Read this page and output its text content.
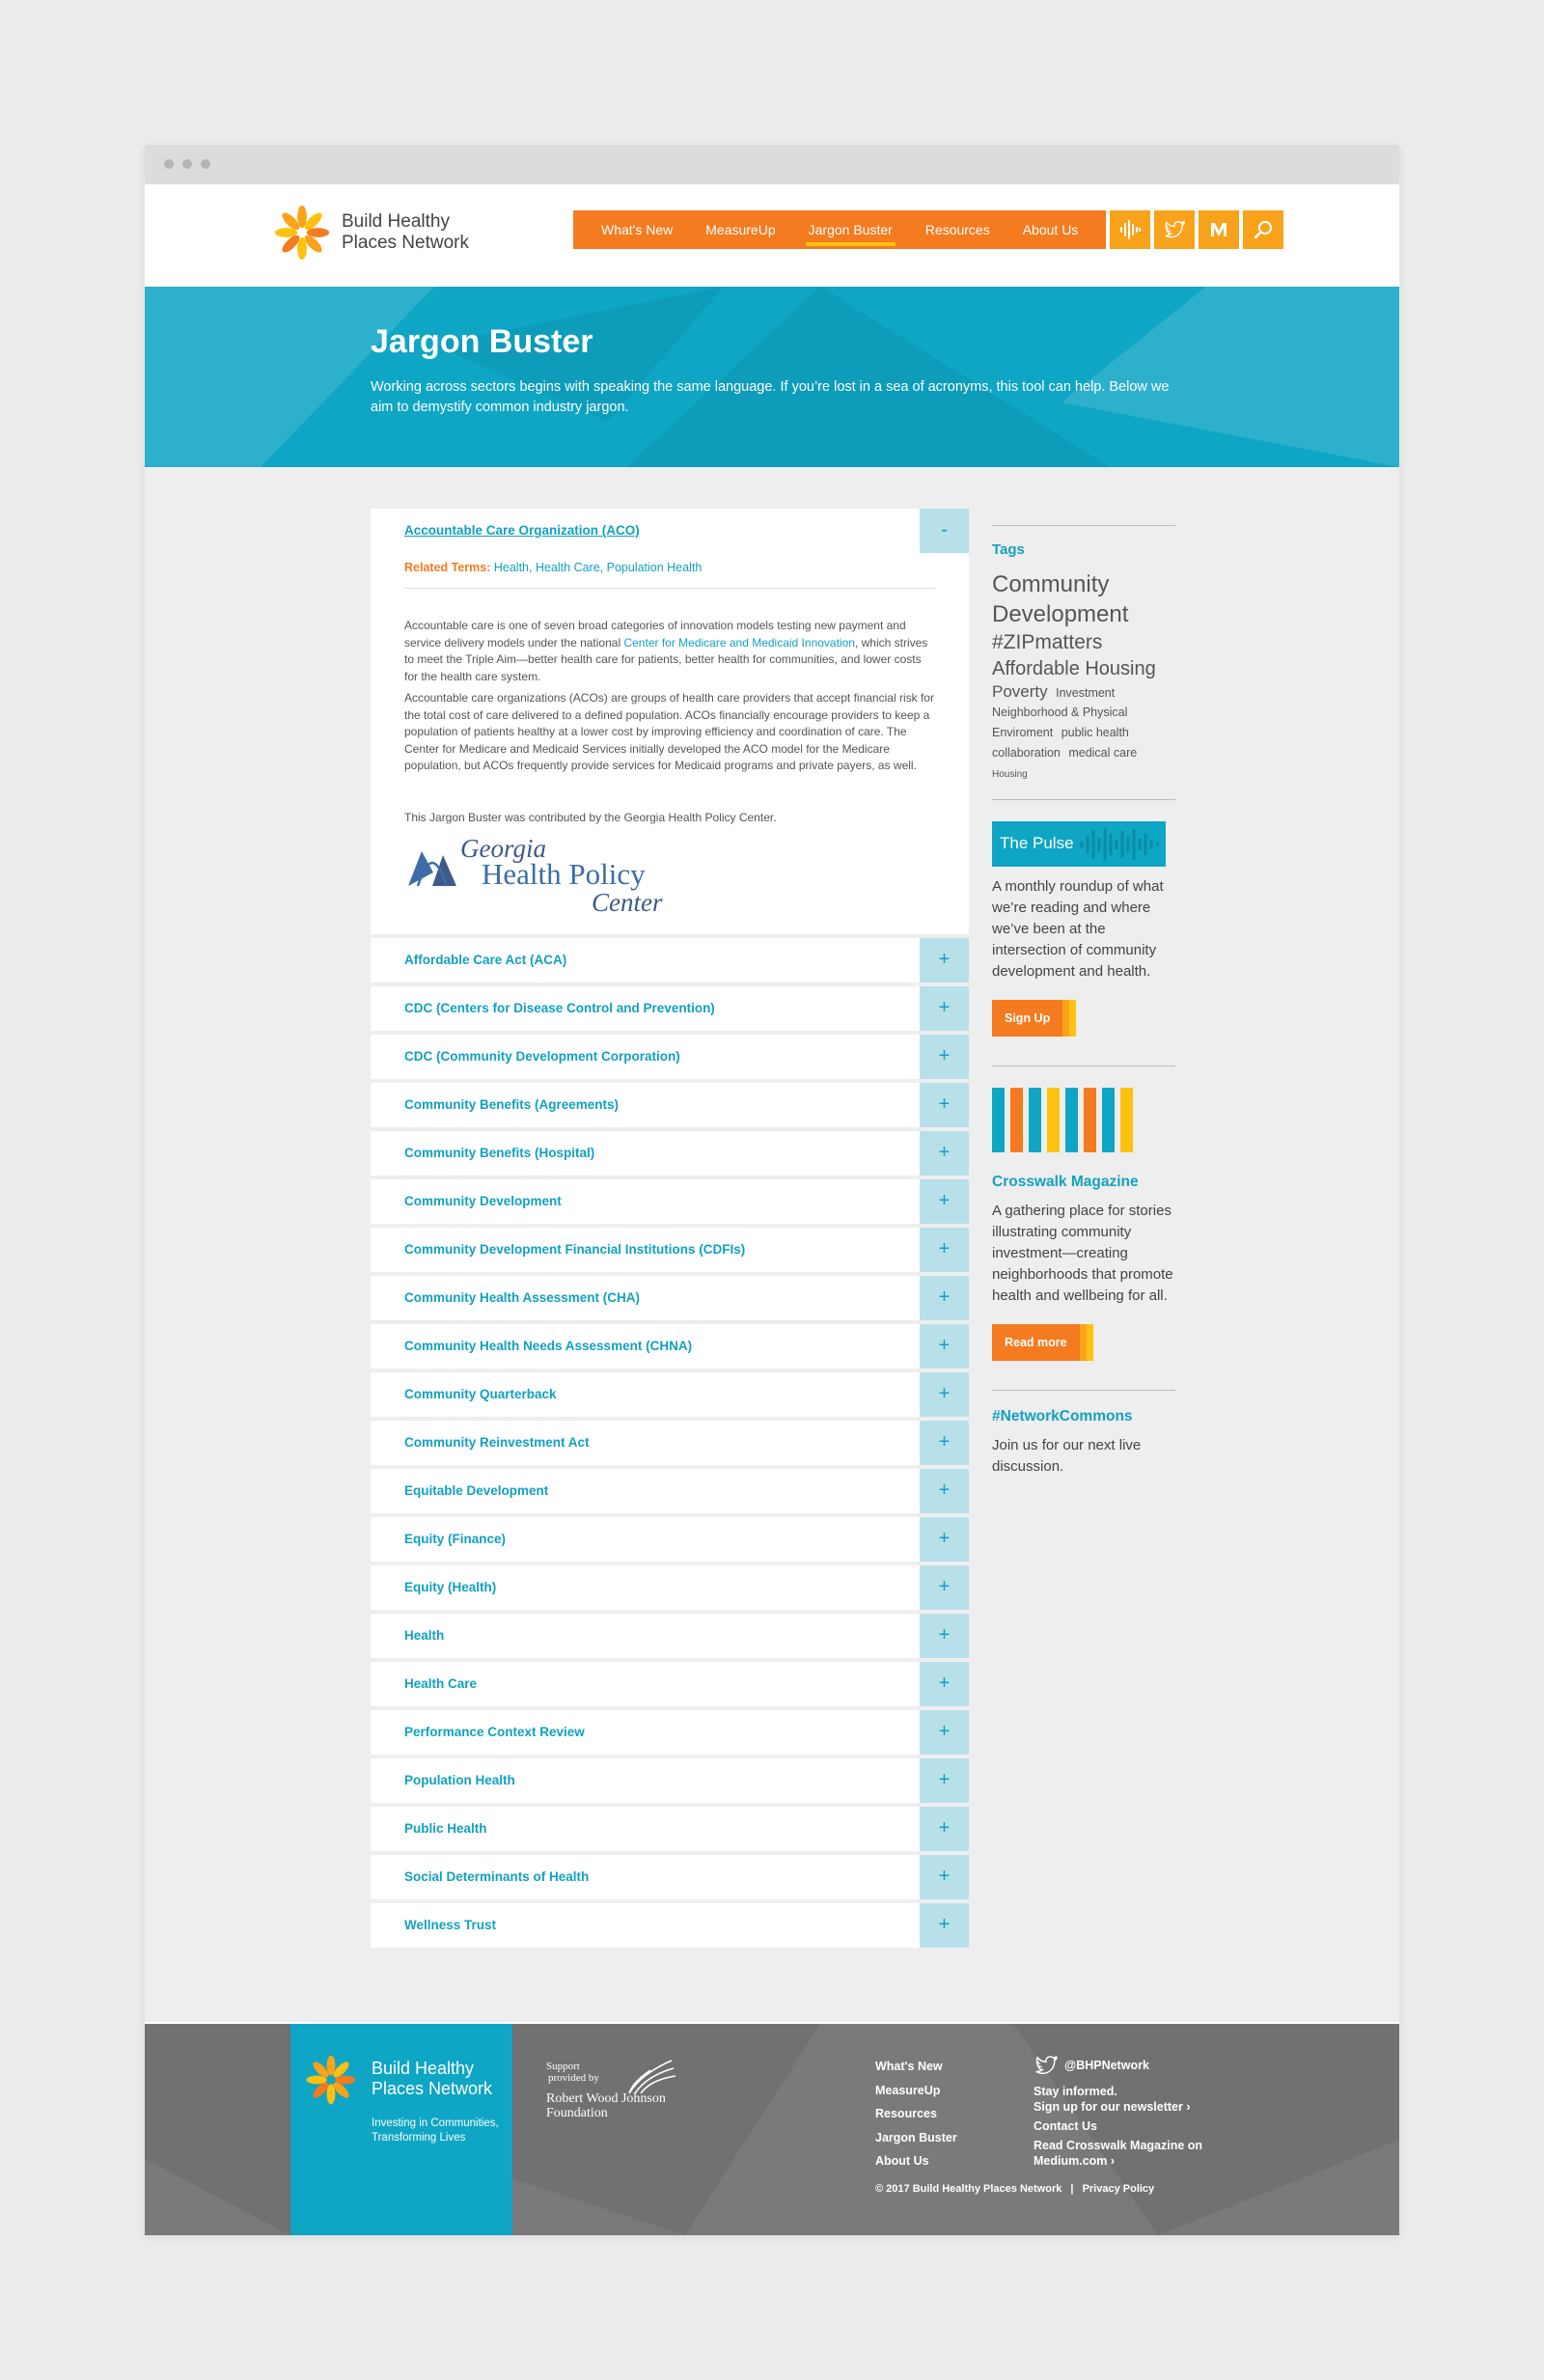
Build Healthy
Places Network
What's New	MeasureUp	Jargon Buster	Resources	About Us
Jargon Buster

Working across sectors begins with speaking the same language. If you’re lost in a sea of acronyms, this tool can help. Below we aim to demystify common industry jargon.

Accountable Care Organization (ACO)	-
Related Terms: Health, Health Care, Population Health

Accountable care is one of seven broad categories of innovation models testing new payment and service delivery models under the national Center for Medicare and Medicaid Innovation, which strives to meet the Triple Aim—better health care for patients, better health for communities, and lower costs for the health care system.

Accountable care organizations (ACOs) are groups of health care providers that accept financial risk for the total cost of care delivered to a defined population. ACOs financially encourage providers to keep a population of patients healthy at a lower cost by improving efficiency and coordination of care. The Center for Medicare and Medicaid Services initially developed the ACO model for the Medicare population, but ACOs frequently provide services for Medicaid programs and private payers, as well.

This Jargon Buster was contributed by the Georgia Health Policy Center.

Georgia
Health Policy
Center
Affordable Care Act (ACA)	+
CDC (Centers for Disease Control and Prevention)	+
CDC (Community Development Corporation)	+
Community Benefits (Agreements)	+
Community Benefits (Hospital)	+
Community Development	+
Community Development Financial Institutions (CDFIs)	+
Community Health Assessment (CHA)	+
Community Health Needs Assessment (CHNA)	+
Community Quarterback	+
Community Reinvestment Act	+
Equitable Development	+
Equity (Finance)	+
Equity (Health)	+
Health	+
Health Care	+
Performance Context Review	+
Population Health	+
Public Health	+
Social Determinants of Health	+
Wellness Trust	+
Tags
Community
Development
#ZIPmatters
Affordable Housing
Poverty Investment Neighborhood & Physical Enviroment public health collaboration medical care Housing
The Pulse
A monthly roundup of what we’re reading and where we’ve been at the intersection of community development and health.
Sign Up
Crosswalk Magazine
A gathering place for stories illustrating community investment—creating neighborhoods that promote health and wellbeing for all.
Read more
#NetworkCommons
Join us for our next live discussion.
Build Healthy
Places Network
Investing in Communities,
Transforming Lives
Support
provided by
Robert Wood Johnson
Foundation
What's New
MeasureUp
Resources
Jargon Buster
About Us
@BHPNetwork
Stay informed.
Sign up for our newsletter ›
Contact Us
Read Crosswalk Magazine on
Medium.com ›
© 2017 Build Healthy Places Network | Privacy Policy
